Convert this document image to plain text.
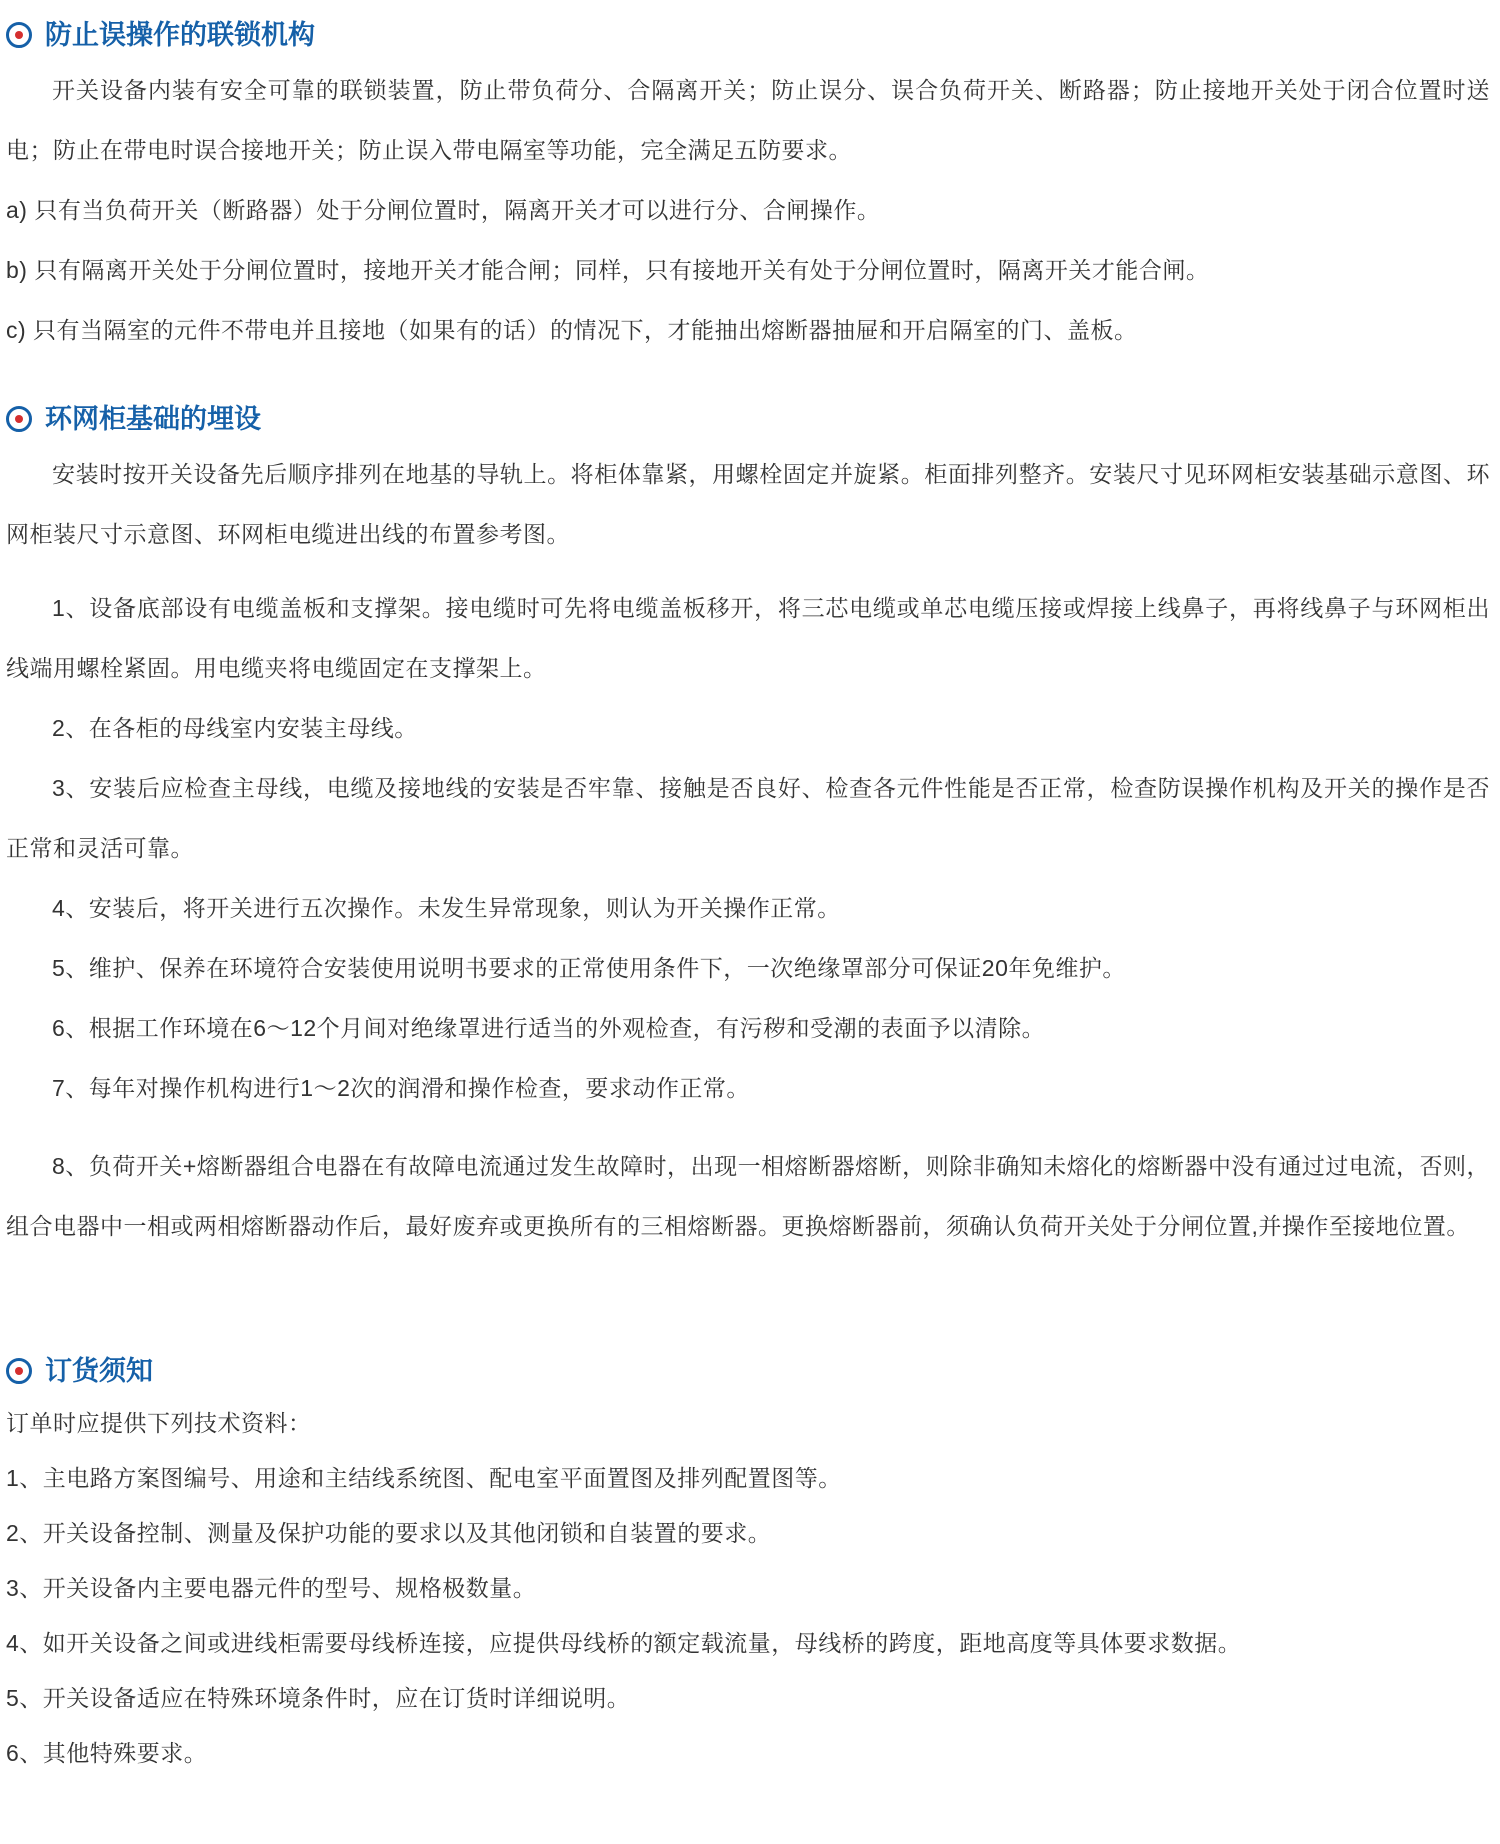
防止误操作的联锁机构

开关设备内装有安全可靠的联锁装置，防止带负荷分、合隔离开关；防止误分、误合负荷开关、断路器；防止接地开关处于闭合位置时送电；防止在带电时误合接地开关；防止误入带电隔室等功能，完全满足五防要求。

a) 只有当负荷开关（断路器）处于分闸位置时，隔离开关才可以进行分、合闸操作。

b) 只有隔离开关处于分闸位置时，接地开关才能合闸；同样，只有接地开关有处于分闸位置时，隔离开关才能合闸。

c) 只有当隔室的元件不带电并且接地（如果有的话）的情况下，才能抽出熔断器抽屉和开启隔室的门、盖板。

环网柜基础的埋设

安装时按开关设备先后顺序排列在地基的导轨上。将柜体靠紧，用螺栓固定并旋紧。柜面排列整齐。安装尺寸见环网柜安装基础示意图、环网柜装尺寸示意图、环网柜电缆进出线的布置参考图。

1、设备底部设有电缆盖板和支撑架。接电缆时可先将电缆盖板移开，将三芯电缆或单芯电缆压接或焊接上线鼻子，再将线鼻子与环网柜出线端用螺栓紧固。用电缆夹将电缆固定在支撑架上。

2、在各柜的母线室内安装主母线。

3、安装后应检查主母线，电缆及接地线的安装是否牢靠、接触是否良好、检查各元件性能是否正常，检查防误操作机构及开关的操作是否正常和灵活可靠。

4、安装后，将开关进行五次操作。未发生异常现象，则认为开关操作正常。

5、维护、保养在环境符合安装使用说明书要求的正常使用条件下，一次绝缘罩部分可保证20年免维护。

6、根据工作环境在6～12个月间对绝缘罩进行适当的外观检查，有污秽和受潮的表面予以清除。

7、每年对操作机构进行1～2次的润滑和操作检查，要求动作正常。

8、负荷开关+熔断器组合电器在有故障电流通过发生故障时，出现一相熔断器熔断，则除非确知未熔化的熔断器中没有通过过电流，否则，组合电器中一相或两相熔断器动作后，最好废弃或更换所有的三相熔断器。更换熔断器前，须确认负荷开关处于分闸位置,并操作至接地位置。

订货须知

订单时应提供下列技术资料：

1、主电路方案图编号、用途和主结线系统图、配电室平面置图及排列配置图等。

2、开关设备控制、测量及保护功能的要求以及其他闭锁和自装置的要求。

3、开关设备内主要电器元件的型号、规格极数量。

4、如开关设备之间或进线柜需要母线桥连接，应提供母线桥的额定载流量，母线桥的跨度，距地高度等具体要求数据。

5、开关设备适应在特殊环境条件时，应在订货时详细说明。

6、其他特殊要求。
